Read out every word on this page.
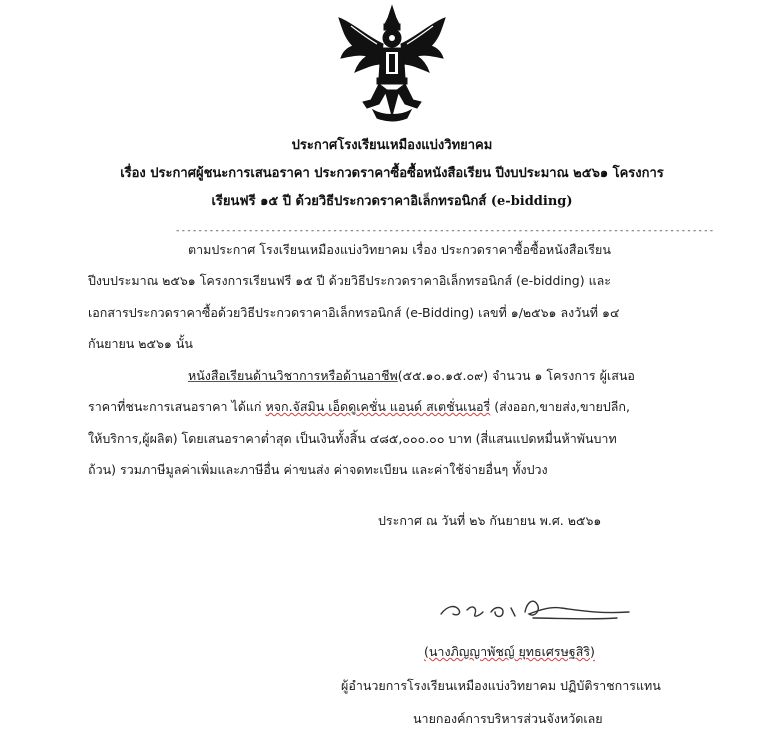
ประกาศโรงเรียนเหมืองแบ่งวิทยาคม
เรื่อง ประกาศผู้ชนะการเสนอราคา ประกวดราคาซื้อซื้อหนังสือเรียน ปีงบประมาณ ๒๕๖๑ โครงการ
เรียนฟรี ๑๕ ปี ด้วยวิธีประกวดราคาอิเล็กทรอนิกส์ (e-bidding)
------------------------------------------------------------------------------------------------
ตามประกาศ โรงเรียนเหมืองแบ่งวิทยาคม เรื่อง ประกวดราคาซื้อซื้อหนังสือเรียน
ปีงบประมาณ ๒๕๖๑ โครงการเรียนฟรี ๑๕ ปี ด้วยวิธีประกวดราคาอิเล็กทรอนิกส์ (e-bidding) และ
เอกสารประกวดราคาซื้อด้วยวิธีประกวดราคาอิเล็กทรอนิกส์ (e-Bidding) เลขที่ ๑/๒๕๖๑ ลงวันที่ ๑๔
กันยายน ๒๕๖๑ นั้น
หนังสือเรียนด้านวิชาการหรือด้านอาชีพ(๕๕.๑๐.๑๕.๐๙) จำนวน ๑ โครงการ ผู้เสนอ
ราคาที่ชนะการเสนอราคา ได้แก่ หจก.จัสมิน เอ็ดดูเคชั่น แอนด์ สเตชั่นเนอรี่ (ส่งออก,ขายส่ง,ขายปลีก,
ให้บริการ,ผู้ผลิต) โดยเสนอราคาต่ำสุด เป็นเงินทั้งสิ้น ๔๘๕,๐๐๐.๐๐ บาท (สี่แสนแปดหมื่นห้าพันบาท
ถ้วน) รวมภาษีมูลค่าเพิ่มและภาษีอื่น ค่าขนส่ง ค่าจดทะเบียน และค่าใช้จ่ายอื่นๆ ทั้งปวง
ประกาศ ณ วันที่ ๒๖ กันยายน พ.ศ. ๒๕๖๑
(นางภิญญาพัชญ์ ยุทธเศรษฐสิริ)
ผู้อำนวยการโรงเรียนเหมืองแบ่งวิทยาคม ปฏิบัติราชการแทน
นายกองค์การบริหารส่วนจังหวัดเลย
